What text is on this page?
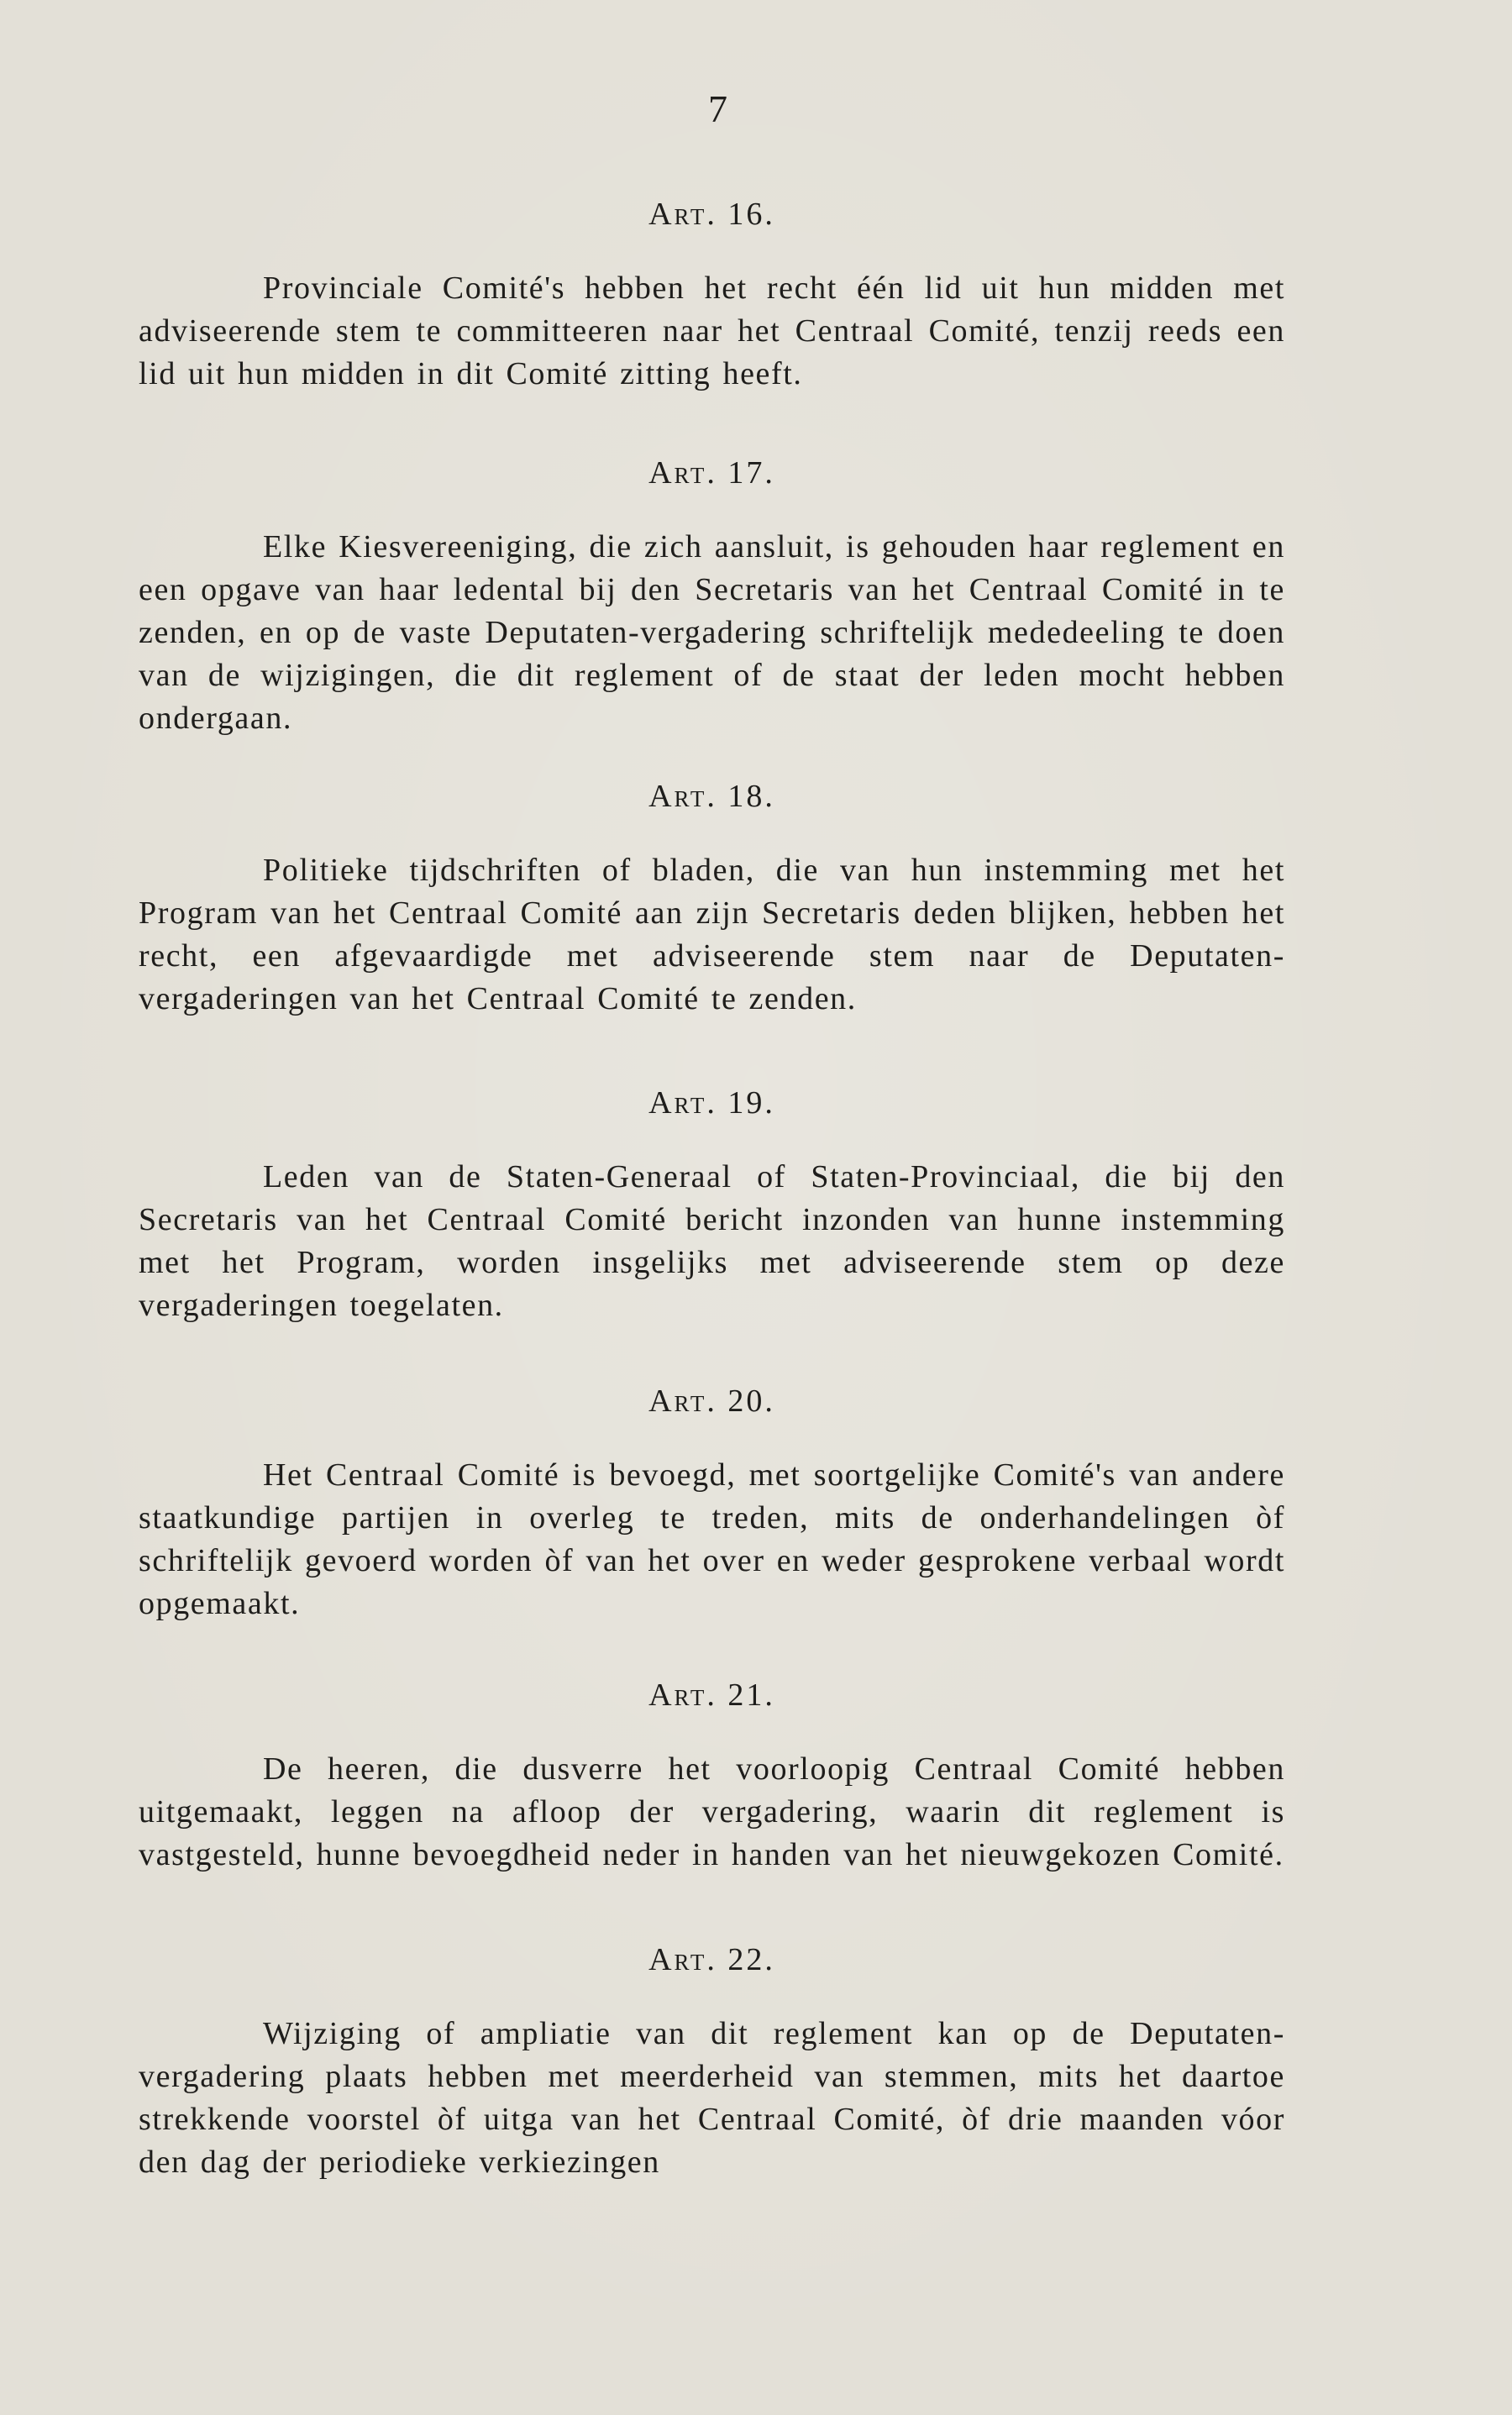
7
Art. 16.

Provinciale Comité's hebben het recht één lid uit hun midden met adviseerende stem te committeeren naar het Centraal Comité, tenzij reeds een lid uit hun midden in dit Comité zitting heeft.

Art. 17.

Elke Kiesvereeniging, die zich aansluit, is gehouden haar reglement en een opgave van haar ledental bij den Secretaris van het Centraal Comité in te zenden, en op de vaste Deputaten-vergadering schriftelijk mededeeling te doen van de wijzigingen, die dit reglement of de staat der leden mocht hebben ondergaan.

Art. 18.

Politieke tijdschriften of bladen, die van hun instemming met het Program van het Centraal Comité aan zijn Secretaris deden blijken, hebben het recht, een afgevaardigde met adviseerende stem naar de Deputaten-vergaderingen van het Centraal Comité te zenden.

Art. 19.

Leden van de Staten-Generaal of Staten-Provinciaal, die bij den Secretaris van het Centraal Comité bericht inzonden van hunne instemming met het Program, worden insgelijks met adviseerende stem op deze vergaderingen toegelaten.

Art. 20.

Het Centraal Comité is bevoegd, met soortgelijke Comité's van andere staatkundige partijen in overleg te treden, mits de onderhandelingen òf schriftelijk gevoerd worden òf van het over en weder gesprokene verbaal wordt opgemaakt.

Art. 21.

De heeren, die dusverre het voorloopig Centraal Comité hebben uitgemaakt, leggen na afloop der vergadering, waarin dit reglement is vastgesteld, hunne bevoegdheid neder in handen van het nieuwgekozen Comité.

Art. 22.

Wijziging of ampliatie van dit reglement kan op de Deputaten-vergadering plaats hebben met meerderheid van stemmen, mits het daartoe strekkende voorstel òf uitga van het Centraal Comité, òf drie maanden vóor den dag der periodieke verkiezingen
